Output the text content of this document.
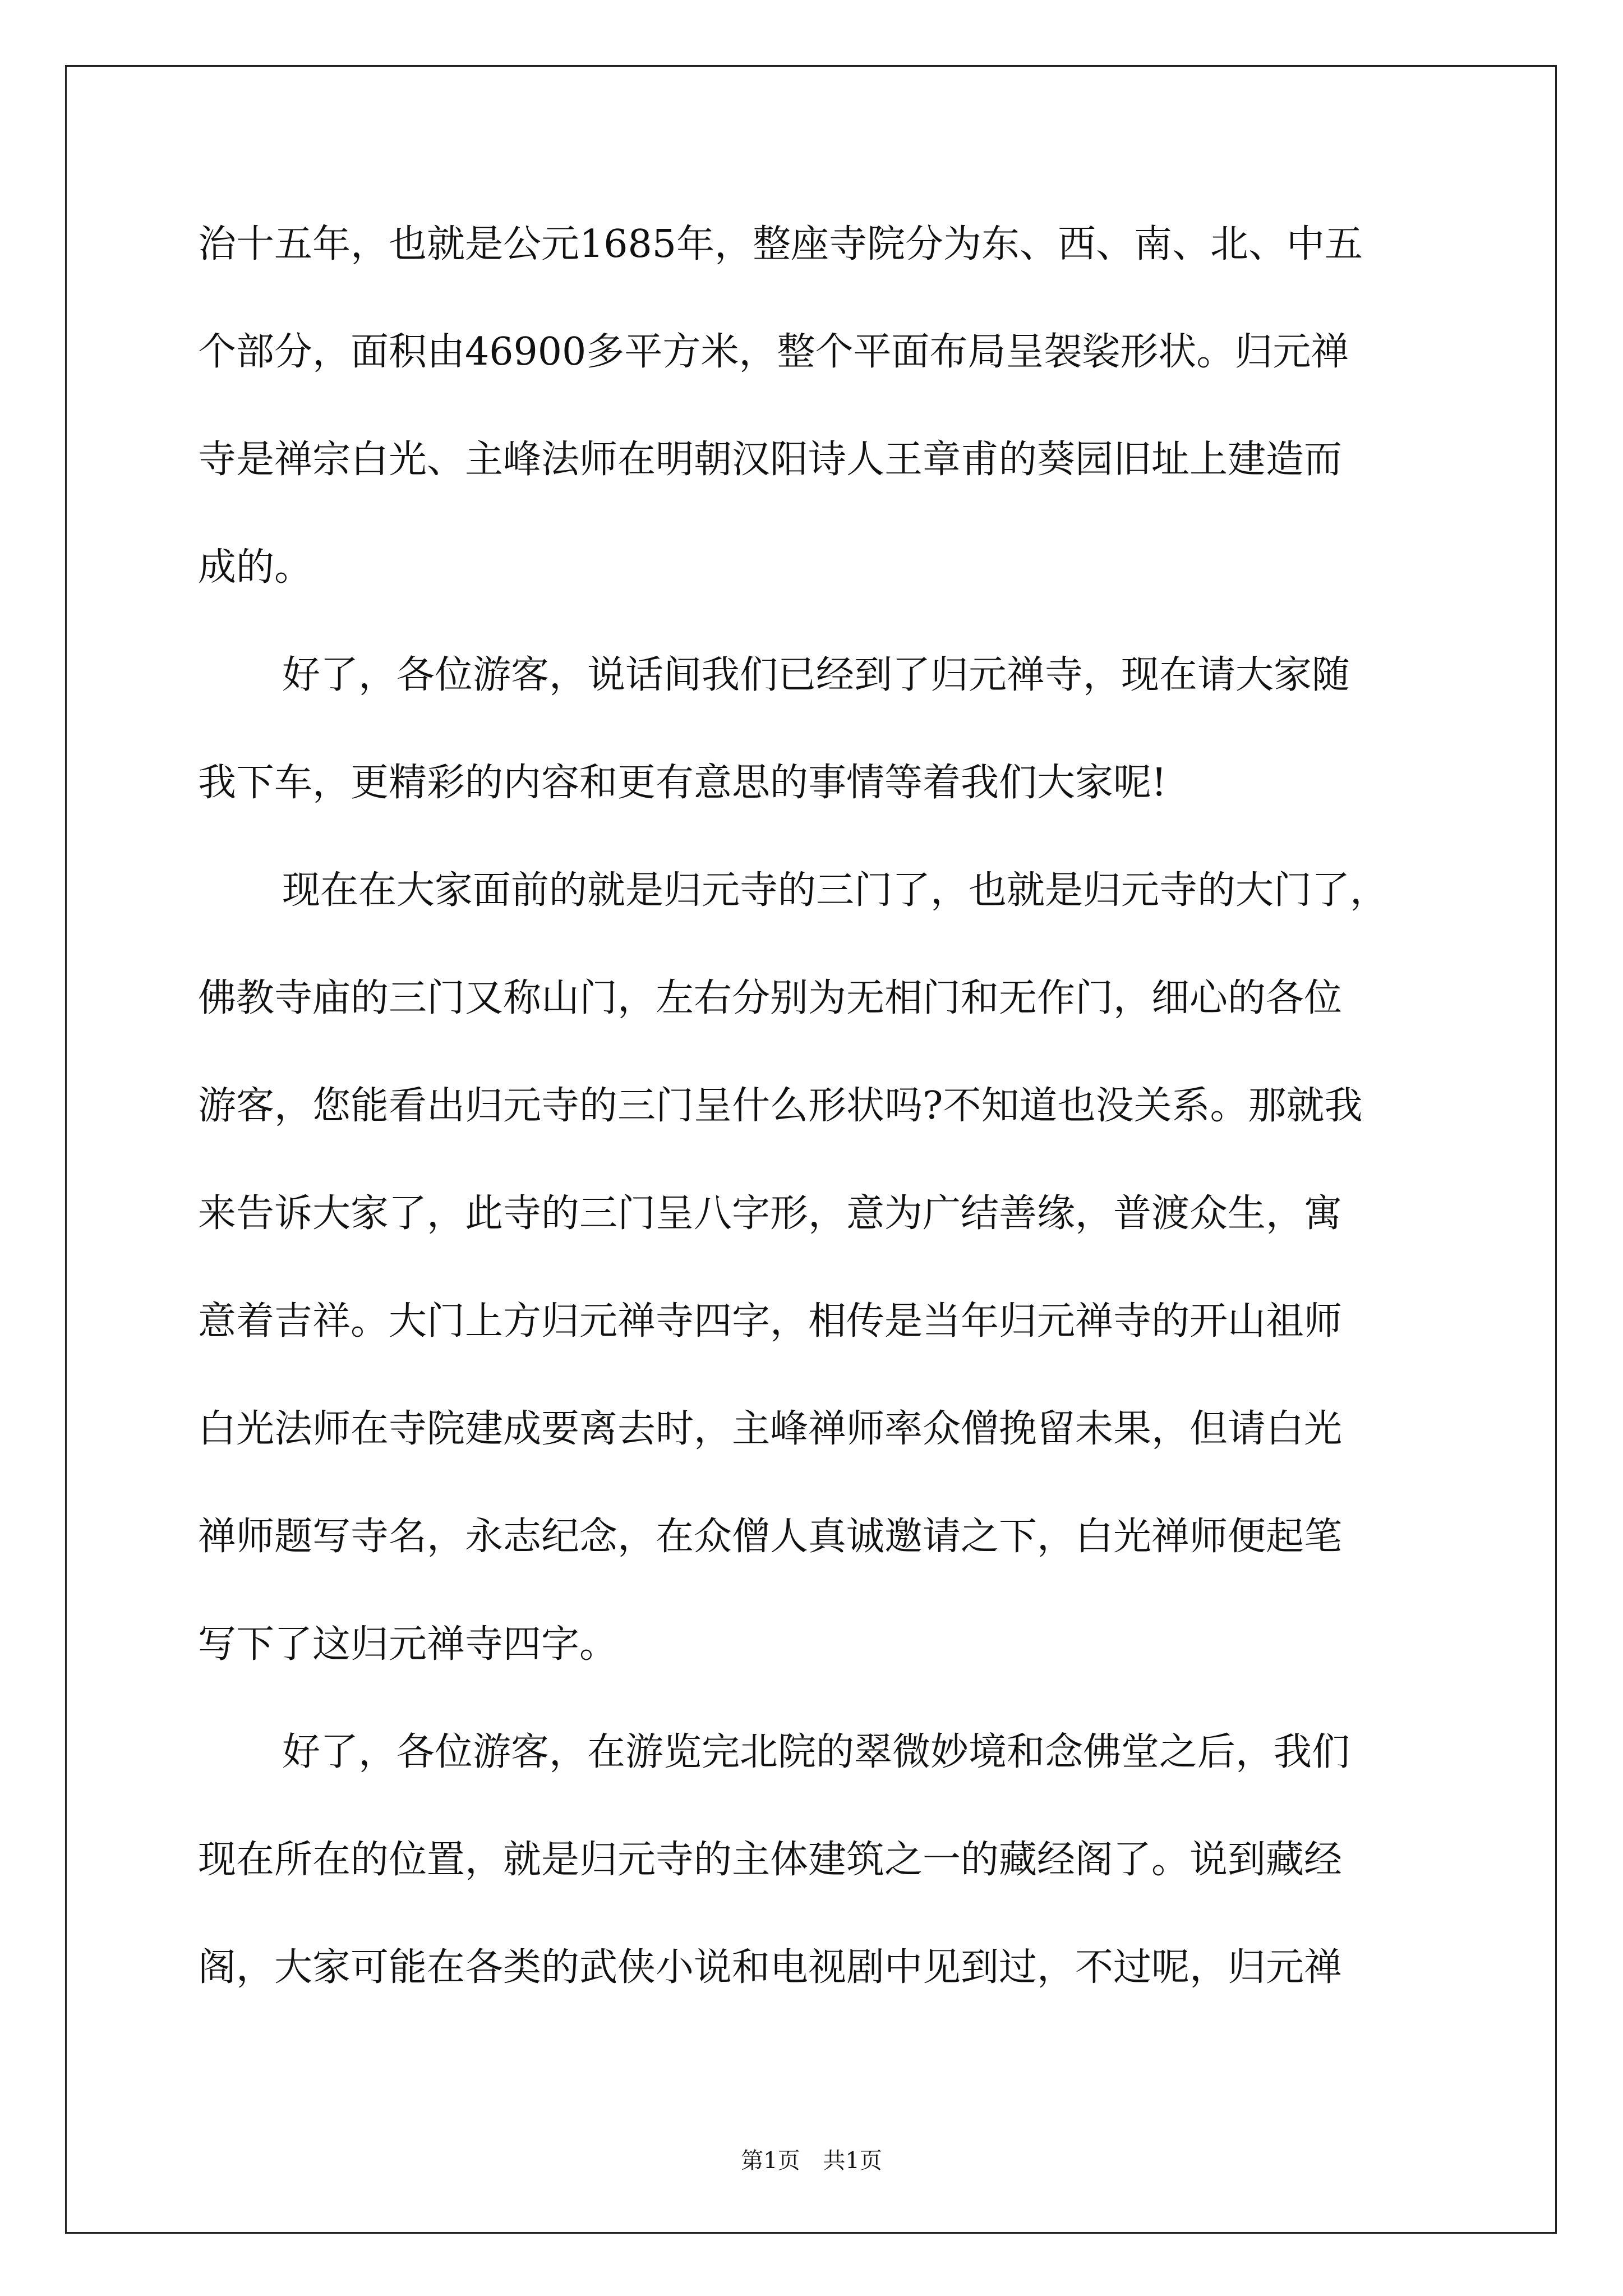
治十五年，也就是公元1685年，整座寺院分为东、西、南、北、中五
个部分，面积由46900多平方米，整个平面布局呈袈裟形状。归元禅
寺是禅宗白光、主峰法师在明朝汉阳诗人王章甫的葵园旧址上建造而
成的。
好了，各位游客，说话间我们已经到了归元禅寺，现在请大家随
我下车，更精彩的内容和更有意思的事情等着我们大家呢!
现在在大家面前的就是归元寺的三门了，也就是归元寺的大门了，
佛教寺庙的三门又称山门，左右分别为无相门和无作门，细心的各位
游客，您能看出归元寺的三门呈什么形状吗?不知道也没关系。那就我
来告诉大家了，此寺的三门呈八字形，意为广结善缘，普渡众生，寓
意着吉祥。大门上方归元禅寺四字，相传是当年归元禅寺的开山祖师
白光法师在寺院建成要离去时，主峰禅师率众僧挽留未果，但请白光
禅师题写寺名，永志纪念，在众僧人真诚邀请之下，白光禅师便起笔
写下了这归元禅寺四字。
好了，各位游客，在游览完北院的翠微妙境和念佛堂之后，我们
现在所在的位置，就是归元寺的主体建筑之一的藏经阁了。说到藏经
阁，大家可能在各类的武侠小说和电视剧中见到过，不过呢，归元禅
第1页 共1页
